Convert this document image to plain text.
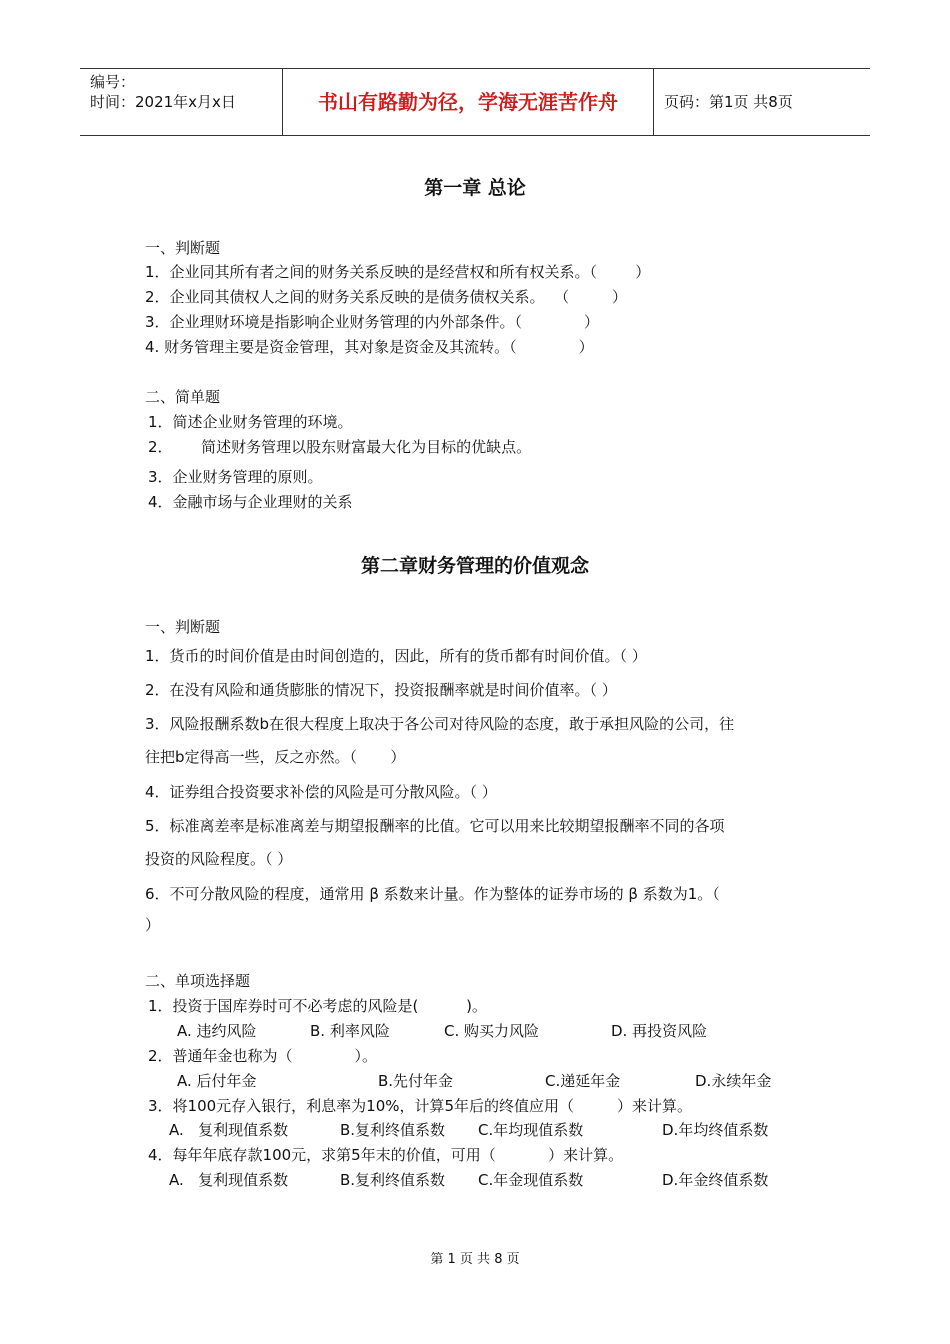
编号：
时间：2021年x月x日	书山有路勤为径，学海无涯苦作舟	页码：第1页 共8页
第一章 总论
一、判断题
1．企业同其所有者之间的财务关系反映的是经营权和所有权关系。（        ）
2．企业同其债权人之间的财务关系反映的是债务债权关系。  （         ）
3．企业理财环境是指影响企业财务管理的内外部条件。（             ）
4. 财务管理主要是资金管理，其对象是资金及其流转。（             ）
二、简单题
1．简述企业财务管理的环境。
2．      简述财务管理以股东财富最大化为目标的优缺点。
3．企业财务管理的原则。
4．金融市场与企业理财的关系
第二章财务管理的价值观念
一、判断题
1．货币的时间价值是由时间创造的，因此，所有的货币都有时间价值。（ ）
2．在没有风险和通货膨胀的情况下，投资报酬率就是时间价值率。（ ）
3．风险报酬系数b在很大程度上取决于各公司对待风险的态度，敢于承担风险的公司，往
往把b定得高一些，反之亦然。（       ）
4．证券组合投资要求补偿的风险是可分散风险。（ ）
5．标准离差率是标准离差与期望报酬率的比值。它可以用来比较期望报酬率不同的各项
投资的风险程度。（ ）
6．不可分散风险的程度，通常用 β 系数来计量。作为整体的证券市场的 β 系数为1。（
）
二、单项选择题
1．投资于国库券时可不必考虑的风险是(          )。
A. 违约风险	B. 利率风险	C. 购买力风险	D. 再投资风险
2．普通年金也称为（             ）。
A. 后付年金	B.先付年金	C.递延年金	D.永续年金
3．将100元存入银行，利息率为10%，计算5年后的终值应用（         ）来计算。
A.   复利现值系数	B.复利终值系数 C.年均现值系数	D.年均终值系数
4．每年年底存款100元，求第5年末的价值，可用（           ）来计算。
A.   复利现值系数	B.复利终值系数 C.年金现值系数	D.年金终值系数
第 1 页 共 8 页
